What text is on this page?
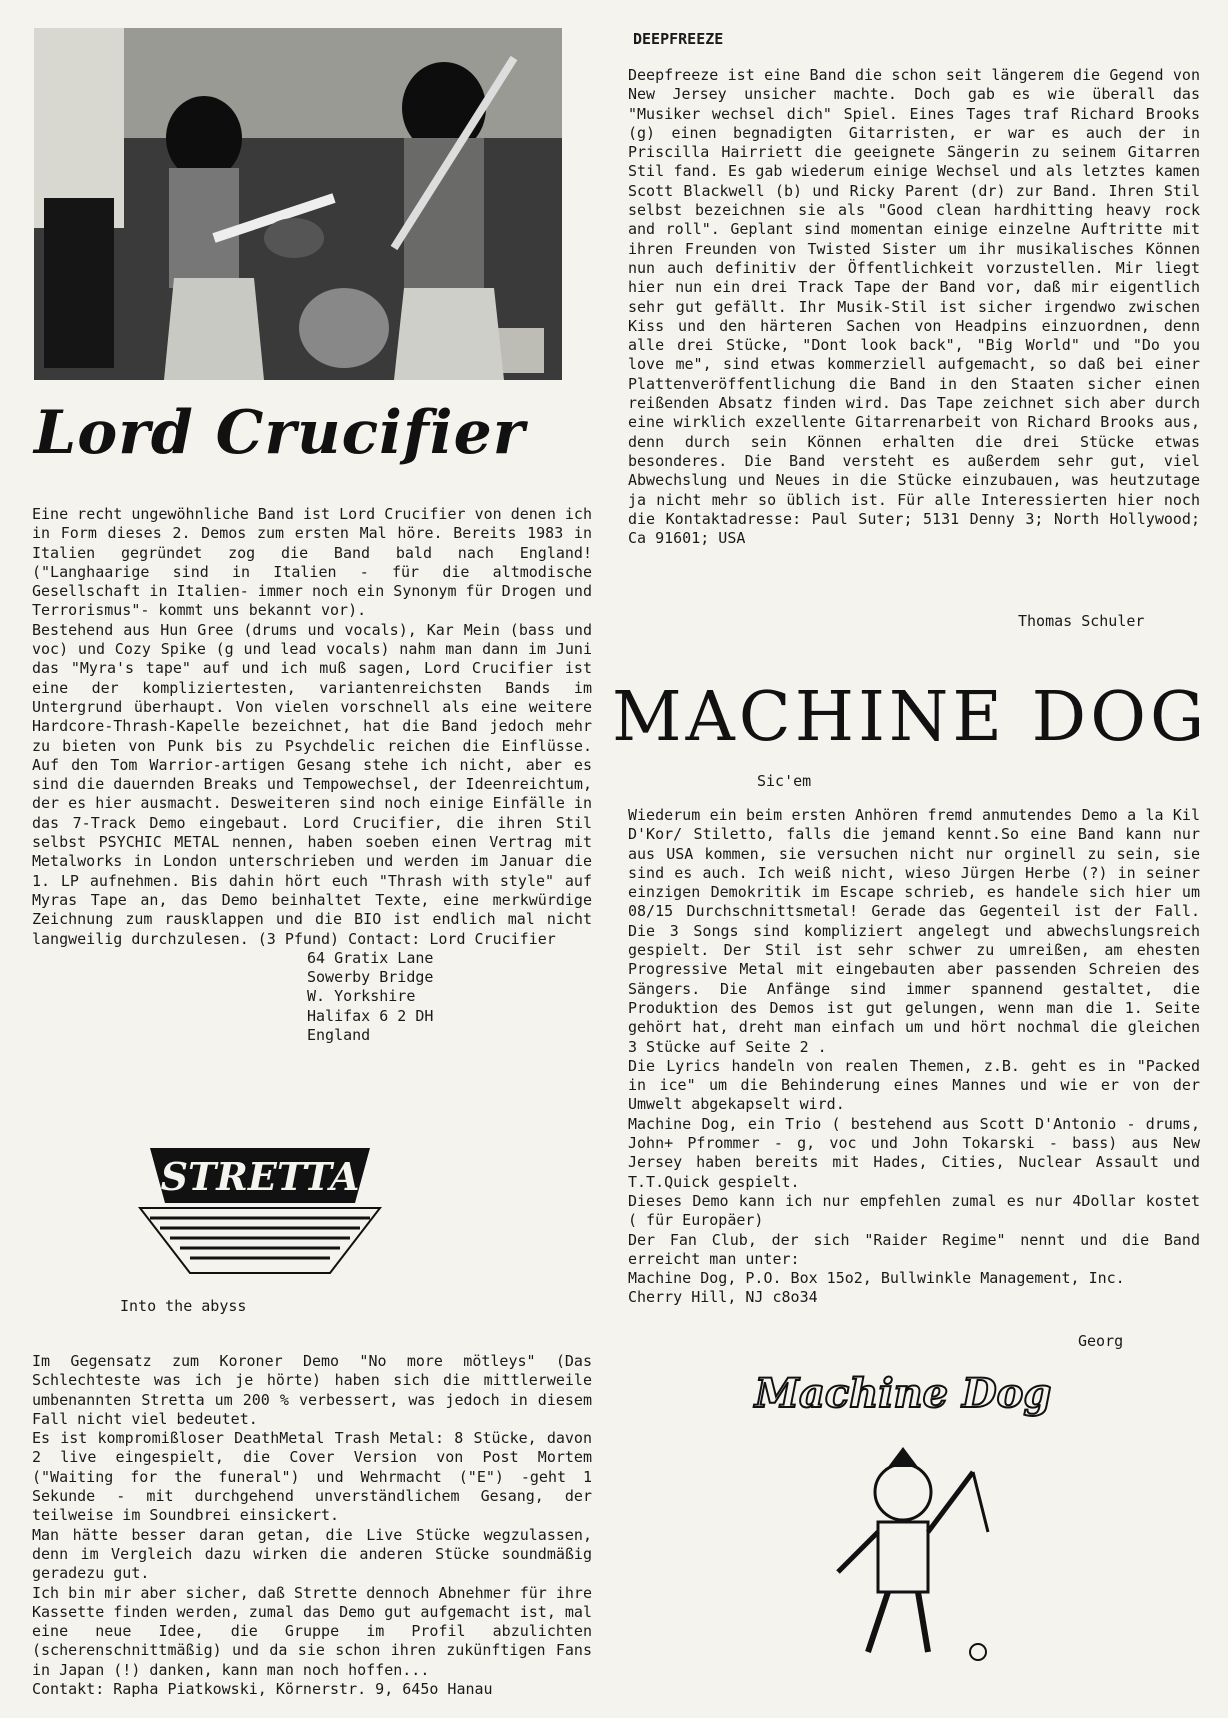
Lord Crucifier

Eine recht ungewöhnliche Band ist Lord Crucifier von denen ich in Form dieses 2. Demos zum ersten Mal höre. Bereits 1983 in Italien gegründet zog die Band bald nach England! ("Langhaarige sind in Italien - für die altmodische Gesellschaft in Italien- immer noch ein Synonym für Drogen und Terrorismus"- kommt uns bekannt vor).
Bestehend aus Hun Gree (drums und vocals), Kar Mein (bass und voc) und Cozy Spike (g und lead vocals) nahm man dann im Juni das "Myra's tape" auf und ich muß sagen, Lord Crucifier ist eine der kompliziertesten, variantenreichsten Bands im Untergrund überhaupt. Von vielen vorschnell als eine weitere Hardcore-Thrash-Kapelle bezeichnet, hat die Band jedoch mehr zu bieten von Punk bis zu Psychdelic reichen die Einflüsse. Auf den Tom Warrior-artigen Gesang stehe ich nicht, aber es sind die dauernden Breaks und Tempowechsel, der Ideenreichtum, der es hier ausmacht. Desweiteren sind noch einige Einfälle in das 7-Track Demo eingebaut. Lord Crucifier, die ihren Stil selbst PSYCHIC METAL nennen, haben soeben einen Vertrag mit Metalworks in London unterschrieben und werden im Januar die 1. LP aufnehmen. Bis dahin hört euch "Thrash with style" auf Myras Tape an, das Demo beinhaltet Texte, eine merkwürdige Zeichnung zum rausklappen und die BIO ist endlich mal nicht langweilig durchzulesen. (3 Pfund) Contact: Lord Crucifier

64 Gratix Lane

Sowerby Bridge

W. Yorkshire

Halifax 6 2 DH

England

STRETTA
Into the abyss

Im Gegensatz zum Koroner Demo "No more mötleys" (Das Schlechteste was ich je hörte) haben sich die mittlerweile umbenannten Stretta um 200 % verbessert, was jedoch in diesem Fall nicht viel bedeutet.
Es ist kompromißloser DeathMetal Trash Metal: 8 Stücke, davon 2 live eingespielt, die Cover Version von Post Mortem ("Waiting for the funeral") und Wehrmacht ("E") -geht 1 Sekunde - mit durchgehend unverständlichem Gesang, der teilweise im Soundbrei einsickert.
Man hätte besser daran getan, die Live Stücke wegzulassen, denn im Vergleich dazu wirken die anderen Stücke soundmäßig geradezu gut.
Ich bin mir aber sicher, daß Strette dennoch Abnehmer für ihre Kassette finden werden, zumal das Demo gut aufgemacht ist, mal eine neue Idee, die Gruppe im Profil abzulichten (scherenschnittmäßig) und da sie schon ihren zukünftigen Fans in Japan (!) danken, kann man noch hoffen...
Contakt: Rapha Piatkowski, Körnerstr. 9, 645o Hanau

DEEPFREEZE

Deepfreeze ist eine Band die schon seit längerem die Gegend von New Jersey unsicher machte. Doch gab es wie überall das "Musiker wechsel dich" Spiel. Eines Tages traf Richard Brooks (g) einen begnadigten Gitarristen, er war es auch der in Priscilla Hairriett die geeignete Sängerin zu seinem Gitarren Stil fand. Es gab wiederum einige Wechsel und als letztes kamen Scott Blackwell (b) und Ricky Parent (dr) zur Band. Ihren Stil selbst bezeichnen sie als "Good clean hardhitting heavy rock and roll". Geplant sind momentan einige einzelne Auftritte mit ihren Freunden von Twisted Sister um ihr musikalisches Können nun auch definitiv der Öffentlichkeit vorzustellen. Mir liegt hier nun ein drei Track Tape der Band vor, daß mir eigentlich sehr gut gefällt. Ihr Musik-Stil ist sicher irgendwo zwischen Kiss und den härteren Sachen von Headpins einzuordnen, denn alle drei Stücke, "Dont look back", "Big World" und "Do you love me", sind etwas kommerziell aufgemacht, so daß bei einer Plattenveröffentlichung die Band in den Staaten sicher einen reißenden Absatz finden wird. Das Tape zeichnet sich aber durch eine wirklich exzellente Gitarrenarbeit von Richard Brooks aus, denn durch sein Können erhalten die drei Stücke etwas besonderes. Die Band versteht es außerdem sehr gut, viel Abwechslung und Neues in die Stücke einzubauen, was heutzutage ja nicht mehr so üblich ist. Für alle Interessierten hier noch die Kontaktadresse: Paul Suter; 5131 Denny 3; North Hollywood; Ca 91601; USA

Thomas Schuler
MACHINE DOG
Sic'em

Wiederum ein beim ersten Anhören fremd anmutendes Demo a la Kil D'Kor/ Stiletto, falls die jemand kennt.So eine Band kann nur aus USA kommen, sie versuchen nicht nur orginell zu sein, sie sind es auch. Ich weiß nicht, wieso Jürgen Herbe (?) in seiner einzigen Demokritik im Escape schrieb, es handele sich hier um 08/15 Durchschnittsmetal! Gerade das Gegenteil ist der Fall. Die 3 Songs sind kompliziert angelegt und abwechslungsreich gespielt. Der Stil ist sehr schwer zu umreißen, am ehesten Progressive Metal mit eingebauten aber passenden Schreien des Sängers. Die Anfänge sind immer spannend gestaltet, die Produktion des Demos ist gut gelungen, wenn man die 1. Seite gehört hat, dreht man einfach um und hört nochmal die gleichen 3 Stücke auf Seite 2 .
Die Lyrics handeln von realen Themen, z.B. geht es in "Packed in ice" um die Behinderung eines Mannes und wie er von der Umwelt abgekapselt wird.
Machine Dog, ein Trio ( bestehend aus Scott D'Antonio - drums, John+ Pfrommer - g, voc und John Tokarski - bass) aus New Jersey haben bereits mit Hades, Cities, Nuclear Assault und T.T.Quick gespielt.
Dieses Demo kann ich nur empfehlen zumal es nur 4Dollar kostet ( für Europäer)
Der Fan Club, der sich "Raider Regime" nennt und die Band erreicht man unter:
Machine Dog, P.O. Box 15o2, Bullwinkle Management, Inc.
Cherry Hill, NJ c8o34

Georg
Machine Dog
